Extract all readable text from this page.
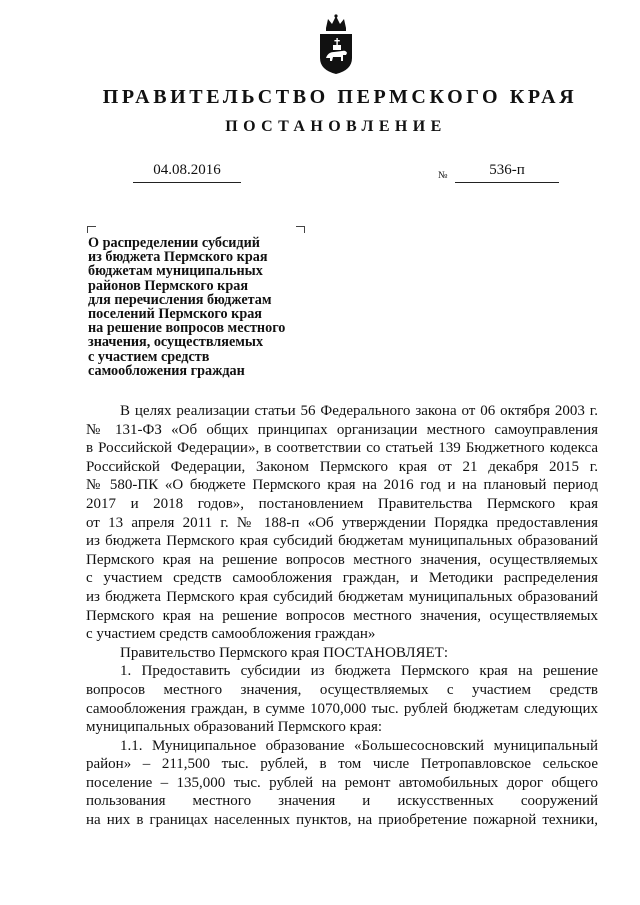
ПРАВИТЕЛЬСТВО ПЕРМСКОГО КРАЯ
ПОСТАНОВЛЕНИЕ
04.08.2016	№	536-п
О распределении субсидий
из бюджета Пермского края
бюджетам муниципальных
районов Пермского края
для перечисления бюджетам
поселений Пермского края
на решение вопросов местного
значения, осуществляемых
с участием средств
самообложения граждан
В целях реализации статьи 56 Федерального закона от 06 октября 2003 г.
№ 131-ФЗ «Об общих принципах организации местного самоуправления
в Российской Федерации», в соответствии со статьей 139 Бюджетного кодекса
Российской Федерации, Законом Пермского края от 21 декабря 2015 г.
№ 580-ПК «О бюджете Пермского края на 2016 год и на плановый период
2017 и 2018 годов», постановлением Правительства Пермского края
от 13 апреля 2011 г. № 188-п «Об утверждении Порядка предоставления
из бюджета Пермского края субсидий бюджетам муниципальных образований
Пермского края на решение вопросов местного значения, осуществляемых
с участием средств самообложения граждан, и Методики распределения
из бюджета Пермского края субсидий бюджетам муниципальных образований
Пермского края на решение вопросов местного значения, осуществляемых
с участием средств самообложения граждан»
Правительство Пермского края ПОСТАНОВЛЯЕТ:
1. Предоставить субсидии из бюджета Пермского края на решение
вопросов местного значения, осуществляемых с участием средств
самообложения граждан, в сумме 1070,000 тыс. рублей бюджетам следующих
муниципальных образований Пермского края:
1.1. Муниципальное образование «Большесосновский муниципальный
район» – 211,500 тыс. рублей, в том числе Петропавловское сельское
поселение – 135,000 тыс. рублей на ремонт автомобильных дорог общего
пользования местного значения и искусственных сооружений
на них в границах населенных пунктов, на приобретение пожарной техники,
